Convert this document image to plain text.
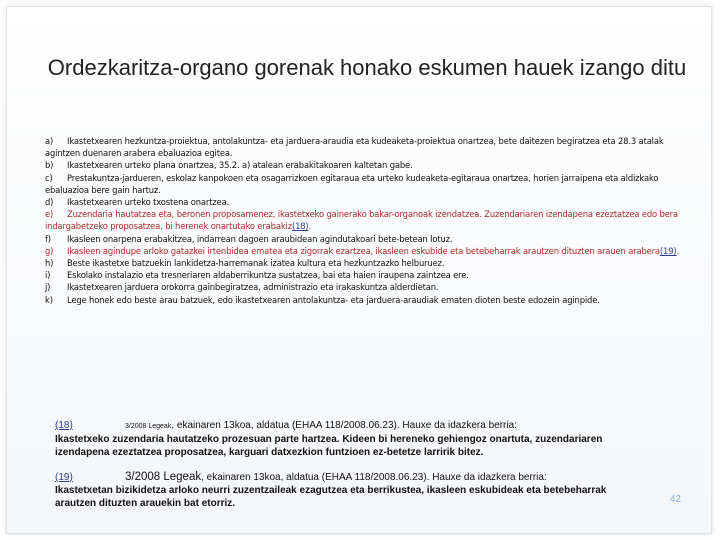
Ordezkaritza-organo gorenak honako eskumen hauek izango ditu

a) Ikastetxearen hezkuntza-proiektua, antolakuntza- eta jarduera-araudia eta kudeaketa-proiektua onartzea, bete daitezen begiratzea eta 28.3 atalak agintzen duenaren arabera ebaluazioa egitea.

b) Ikastetxearen urteko plana onartzea, 35.2. a) atalean erabakitakoaren kaltetan gabe.

c) Prestakuntza-jardueren, eskolaz kanpokoen eta osagarrizkoen egitaraua eta urteko kudeaketa-egitaraua onartzea, horien jarraipena eta aldizkako ebaluazioa bere gain hartuz.

d) Ikastetxearen urteko txostena onartzea.

e) Zuzendaria hautatzea eta, beronen proposamenez, ikastetxeko gainerako bakar-organoak izendatzea. Zuzendariaren izendapena ezeztatzea edo bera indargabetzeko proposatzea, bi herenek onartutako erabakiz(18).

f) Ikasleen onarpena erabakitzea, indarrean dagoen araubidean agindutakoari bete-betean lotuz.

g) Ikasleen agindupe arloko gatazkei irtenbidea ematea eta zigorrak ezartzea, ikasleen eskubide eta betebeharrak arautzen dituzten arauen arabera(19).

h) Beste ikastetxe batzuekin lankidetza-harremanak izatea kultura eta hezkuntzazko helburuez.

i) Eskolako instalazio eta tresneriaren aldaberrikuntza sustatzea, bai eta haien iraupena zaintzea ere.

j) Ikastetxearen jarduera orokorra gainbegiratzea, administrazio eta irakaskuntza alderdietan.

k) Lege honek edo beste arau batzuek, edo ikastetxearen antolakuntza- eta jarduera-araudiak ematen dioten beste edozein aginpide.

(18)	3/2008 Legeak, ekainaren 13koa, aldatua (EHAA 118/2008.06.23). Hauxe da idazkera berria:
Ikastetxeko zuzendaria hautatzeko prozesuan parte hartzea. Kideen bi hereneko gehiengoz onartuta, zuzendariaren izendapena ezeztatzea proposatzea, karguari datxezkion funtzioen ez-betetze larririk bitez.
(19)	3/2008 Legeak, ekainaren 13koa, aldatua (EHAA 118/2008.06.23). Hauxe da idazkera berria:
Ikastetxetan bizikidetza arloko neurri zuzentzaileak ezagutzea eta berrikustea, ikasleen eskubideak eta betebeharrak arautzen dituzten arauekin bat etorriz.	42
